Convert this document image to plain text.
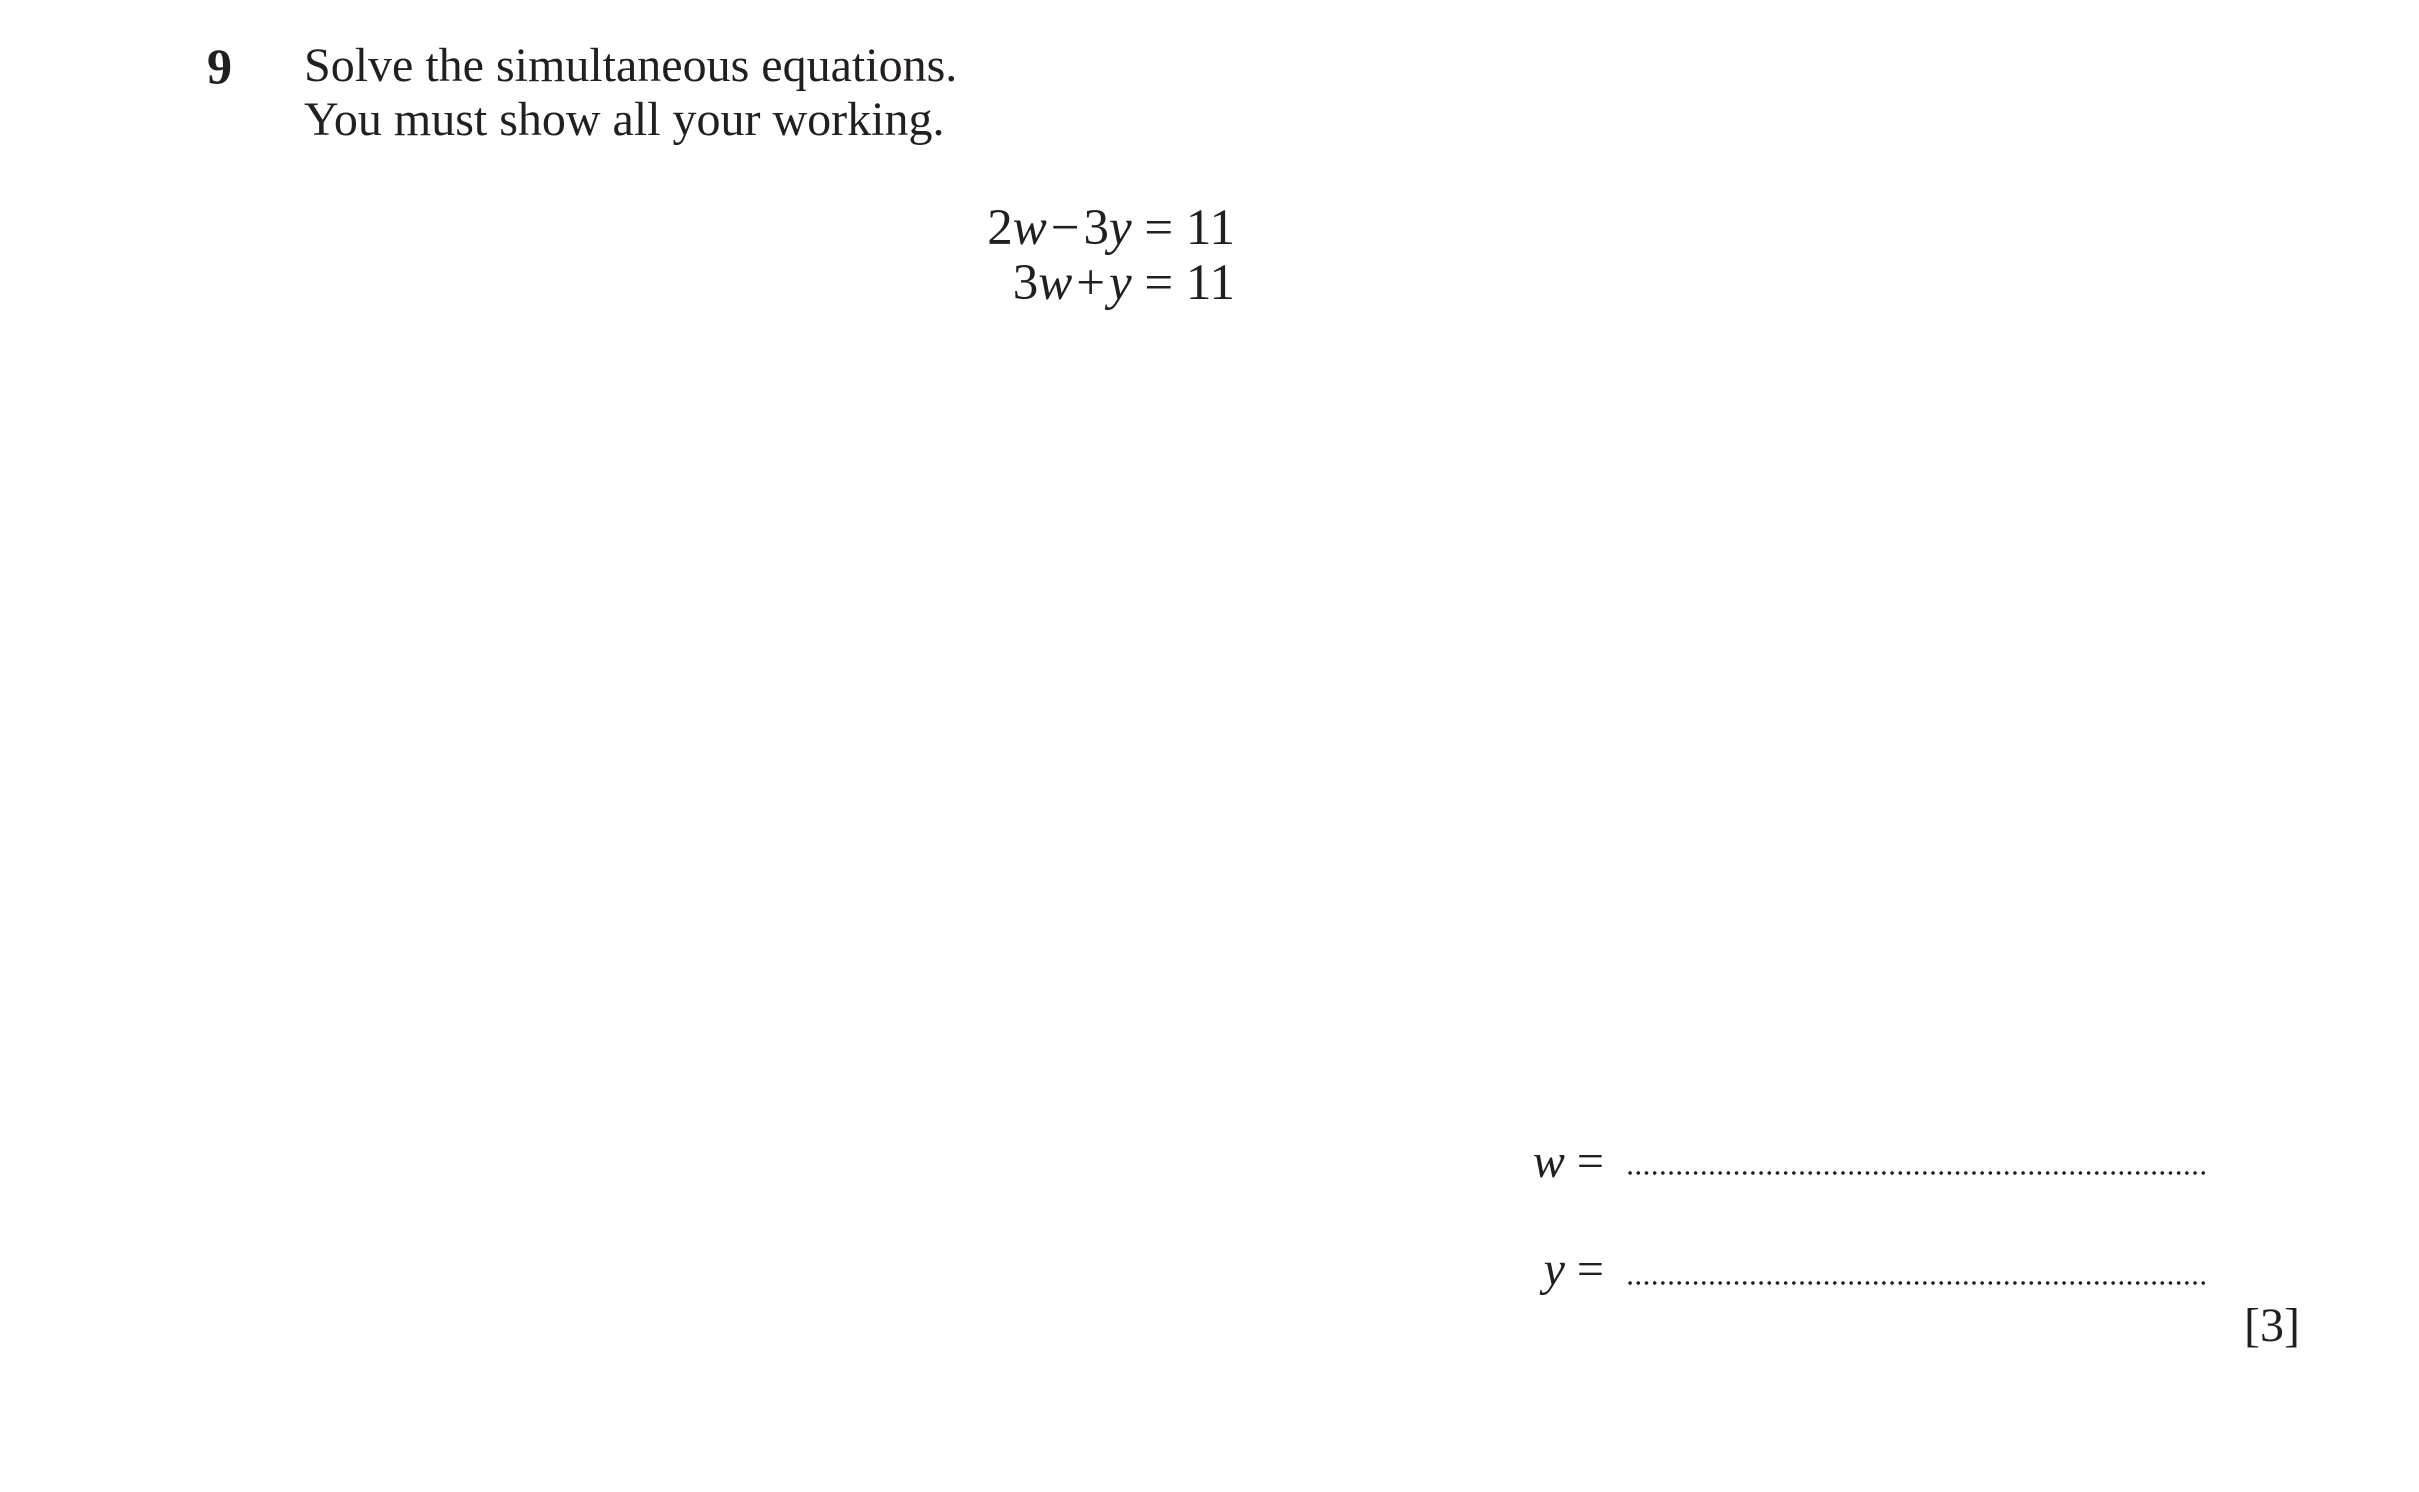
9 Solve the simultaneous equations.
You must show all your working.
2w−3y = 11
3w+y = 11
w =
y =
[3]
